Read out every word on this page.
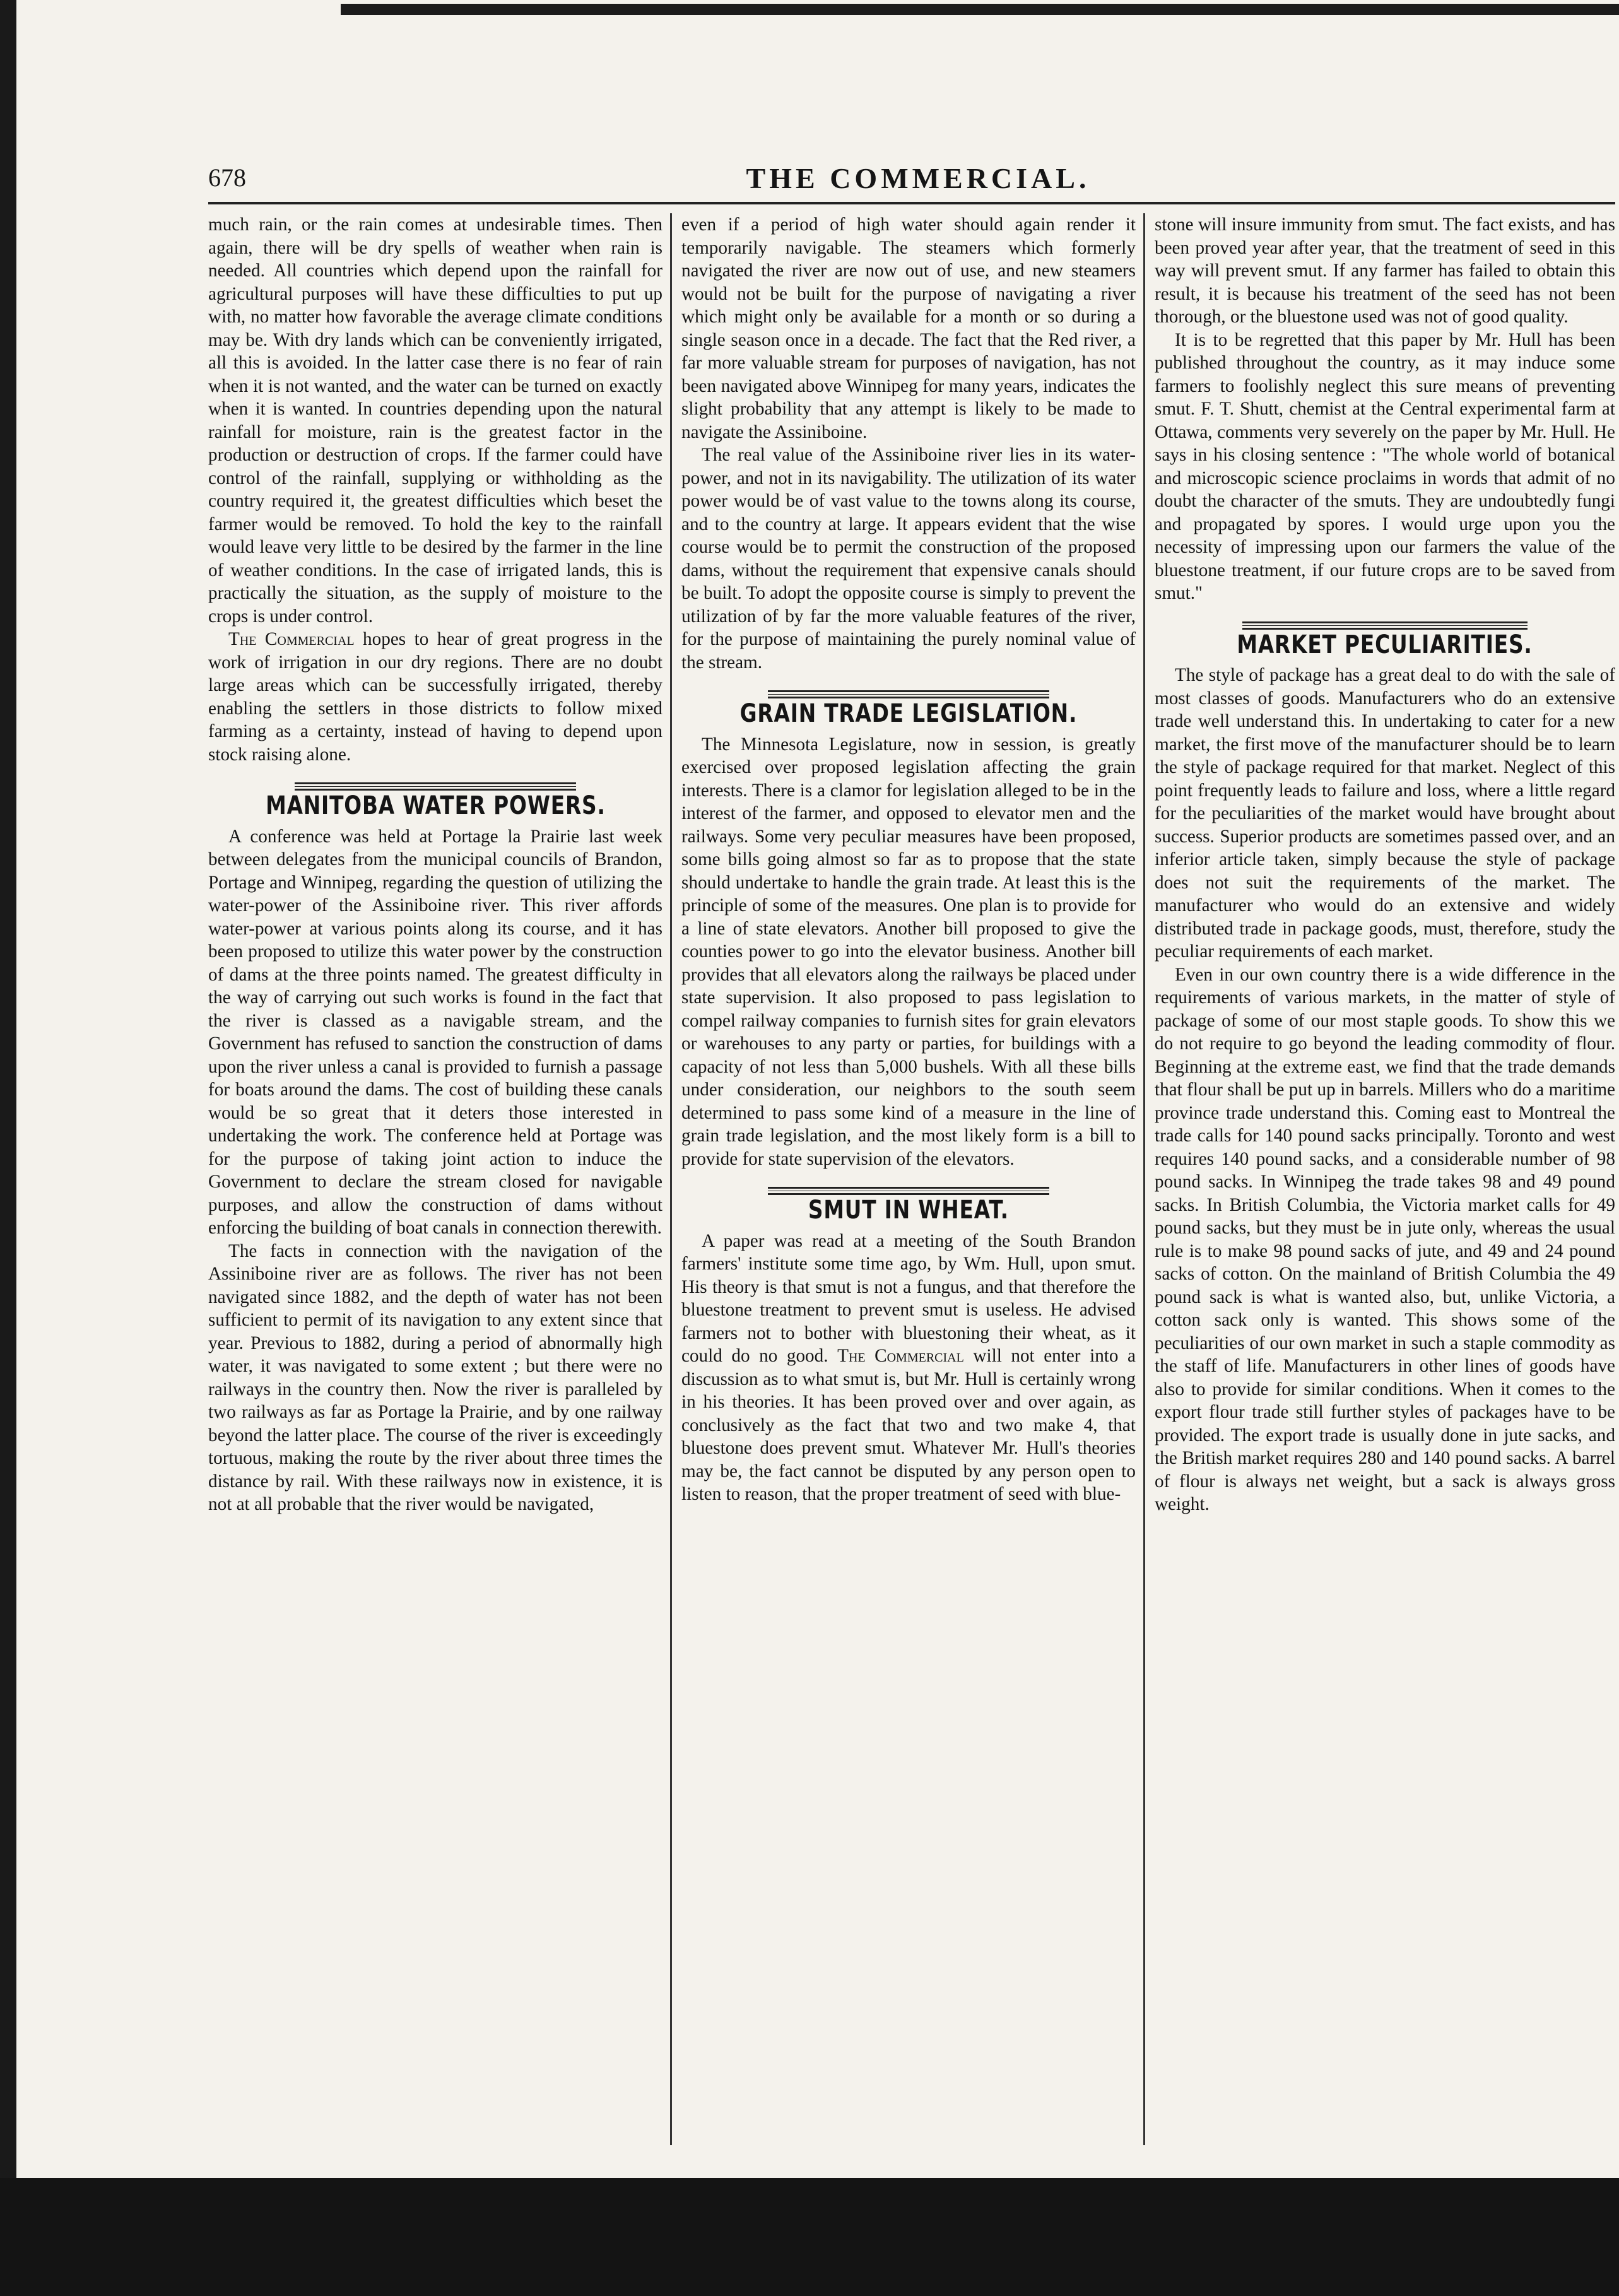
678	THE COMMERCIAL.

much rain, or the rain comes at undesirable times. Then again, there will be dry spells of weather when rain is needed. All countries which depend upon the rainfall for agricultural purposes will have these difficulties to put up with, no matter how favorable the average climate conditions may be. With dry lands which can be conveniently irrigated, all this is avoided. In the latter case there is no fear of rain when it is not wanted, and the water can be turned on exactly when it is wanted. In countries depending upon the natural rainfall for moisture, rain is the greatest factor in the production or destruction of crops. If the farmer could have control of the rainfall, supplying or withholding as the country required it, the greatest difficulties which beset the farmer would be removed. To hold the key to the rainfall would leave very little to be desired by the farmer in the line of weather conditions. In the case of irrigated lands, this is practically the situation, as the supply of moisture to the crops is under control.

The Commercial hopes to hear of great progress in the work of irrigation in our dry regions. There are no doubt large areas which can be successfully irrigated, thereby enabling the settlers in those districts to follow mixed farming as a certainty, instead of having to depend upon stock raising alone.

MANITOBA WATER POWERS.

A conference was held at Portage la Prairie last week between delegates from the municipal councils of Brandon, Portage and Winnipeg, regarding the question of utilizing the water-power of the Assiniboine river. This river affords water-power at various points along its course, and it has been proposed to utilize this water power by the construction of dams at the three points named. The greatest difficulty in the way of carrying out such works is found in the fact that the river is classed as a navigable stream, and the Government has refused to sanction the construction of dams upon the river unless a canal is provided to furnish a passage for boats around the dams. The cost of building these canals would be so great that it deters those interested in undertaking the work. The conference held at Portage was for the purpose of taking joint action to induce the Government to declare the stream closed for navigable purposes, and allow the construction of dams without enforcing the building of boat canals in connection therewith.

The facts in connection with the navigation of the Assiniboine river are as follows. The river has not been navigated since 1882, and the depth of water has not been sufficient to permit of its navigation to any extent since that year. Previous to 1882, during a period of abnormally high water, it was navigated to some extent ; but there were no railways in the country then. Now the river is paralleled by two railways as far as Portage la Prairie, and by one railway beyond the latter place. The course of the river is exceedingly tortuous, making the route by the river about three times the distance by rail. With these railways now in existence, it is not at all probable that the river would be navigated,

even if a period of high water should again render it temporarily navigable. The steamers which formerly navigated the river are now out of use, and new steamers would not be built for the purpose of navigating a river which might only be available for a month or so during a single season once in a decade. The fact that the Red river, a far more valuable stream for purposes of navigation, has not been navigated above Winnipeg for many years, indicates the slight probability that any attempt is likely to be made to navigate the Assiniboine.

The real value of the Assiniboine river lies in its water-power, and not in its navigability. The utilization of its water power would be of vast value to the towns along its course, and to the country at large. It appears evident that the wise course would be to permit the construction of the proposed dams, without the requirement that expensive canals should be built. To adopt the opposite course is simply to prevent the utilization of by far the more valuable features of the river, for the purpose of maintaining the purely nominal value of the stream.

GRAIN TRADE LEGISLATION.

The Minnesota Legislature, now in session, is greatly exercised over proposed legislation affecting the grain interests. There is a clamor for legislation alleged to be in the interest of the farmer, and opposed to elevator men and the railways. Some very peculiar measures have been proposed, some bills going almost so far as to propose that the state should undertake to handle the grain trade. At least this is the principle of some of the measures. One plan is to provide for a line of state elevators. Another bill proposed to give the counties power to go into the elevator business. Another bill provides that all elevators along the railways be placed under state supervision. It also proposed to pass legislation to compel railway companies to furnish sites for grain elevators or warehouses to any party or parties, for buildings with a capacity of not less than 5,000 bushels. With all these bills under consideration, our neighbors to the south seem determined to pass some kind of a measure in the line of grain trade legislation, and the most likely form is a bill to provide for state supervision of the elevators.

SMUT IN WHEAT.

A paper was read at a meeting of the South Brandon farmers' institute some time ago, by Wm. Hull, upon smut. His theory is that smut is not a fungus, and that therefore the bluestone treatment to prevent smut is useless. He advised farmers not to bother with bluestoning their wheat, as it could do no good. The Commercial will not enter into a discussion as to what smut is, but Mr. Hull is certainly wrong in his theories. It has been proved over and over again, as conclusively as the fact that two and two make 4, that bluestone does prevent smut. Whatever Mr. Hull's theories may be, the fact cannot be disputed by any person open to listen to reason, that the proper treatment of seed with blue-

stone will insure immunity from smut. The fact exists, and has been proved year after year, that the treatment of seed in this way will prevent smut. If any farmer has failed to obtain this result, it is because his treatment of the seed has not been thorough, or the bluestone used was not of good quality.

It is to be regretted that this paper by Mr. Hull has been published throughout the country, as it may induce some farmers to foolishly neglect this sure means of preventing smut. F. T. Shutt, chemist at the Central experimental farm at Ottawa, comments very severely on the paper by Mr. Hull. He says in his closing sentence : "The whole world of botanical and microscopic science proclaims in words that admit of no doubt the character of the smuts. They are undoubtedly fungi and propagated by spores. I would urge upon you the necessity of impressing upon our farmers the value of the bluestone treatment, if our future crops are to be saved from smut."

MARKET PECULIARITIES.

The style of package has a great deal to do with the sale of most classes of goods. Manufacturers who do an extensive trade well understand this. In undertaking to cater for a new market, the first move of the manufacturer should be to learn the style of package required for that market. Neglect of this point frequently leads to failure and loss, where a little regard for the peculiarities of the market would have brought about success. Superior products are sometimes passed over, and an inferior article taken, simply because the style of package does not suit the requirements of the market. The manufacturer who would do an extensive and widely distributed trade in package goods, must, therefore, study the peculiar requirements of each market.

Even in our own country there is a wide difference in the requirements of various markets, in the matter of style of package of some of our most staple goods. To show this we do not require to go beyond the leading commodity of flour. Beginning at the extreme east, we find that the trade demands that flour shall be put up in barrels. Millers who do a maritime province trade understand this. Coming east to Montreal the trade calls for 140 pound sacks principally. Toronto and west requires 140 pound sacks, and a considerable number of 98 pound sacks. In Winnipeg the trade takes 98 and 49 pound sacks. In British Columbia, the Victoria market calls for 49 pound sacks, but they must be in jute only, whereas the usual rule is to make 98 pound sacks of jute, and 49 and 24 pound sacks of cotton. On the mainland of British Columbia the 49 pound sack is what is wanted also, but, unlike Victoria, a cotton sack only is wanted. This shows some of the peculiarities of our own market in such a staple commodity as the staff of life. Manufacturers in other lines of goods have also to provide for similar conditions. When it comes to the export flour trade still further styles of packages have to be provided. The export trade is usually done in jute sacks, and the British market requires 280 and 140 pound sacks. A barrel of flour is always net weight, but a sack is always gross weight.
